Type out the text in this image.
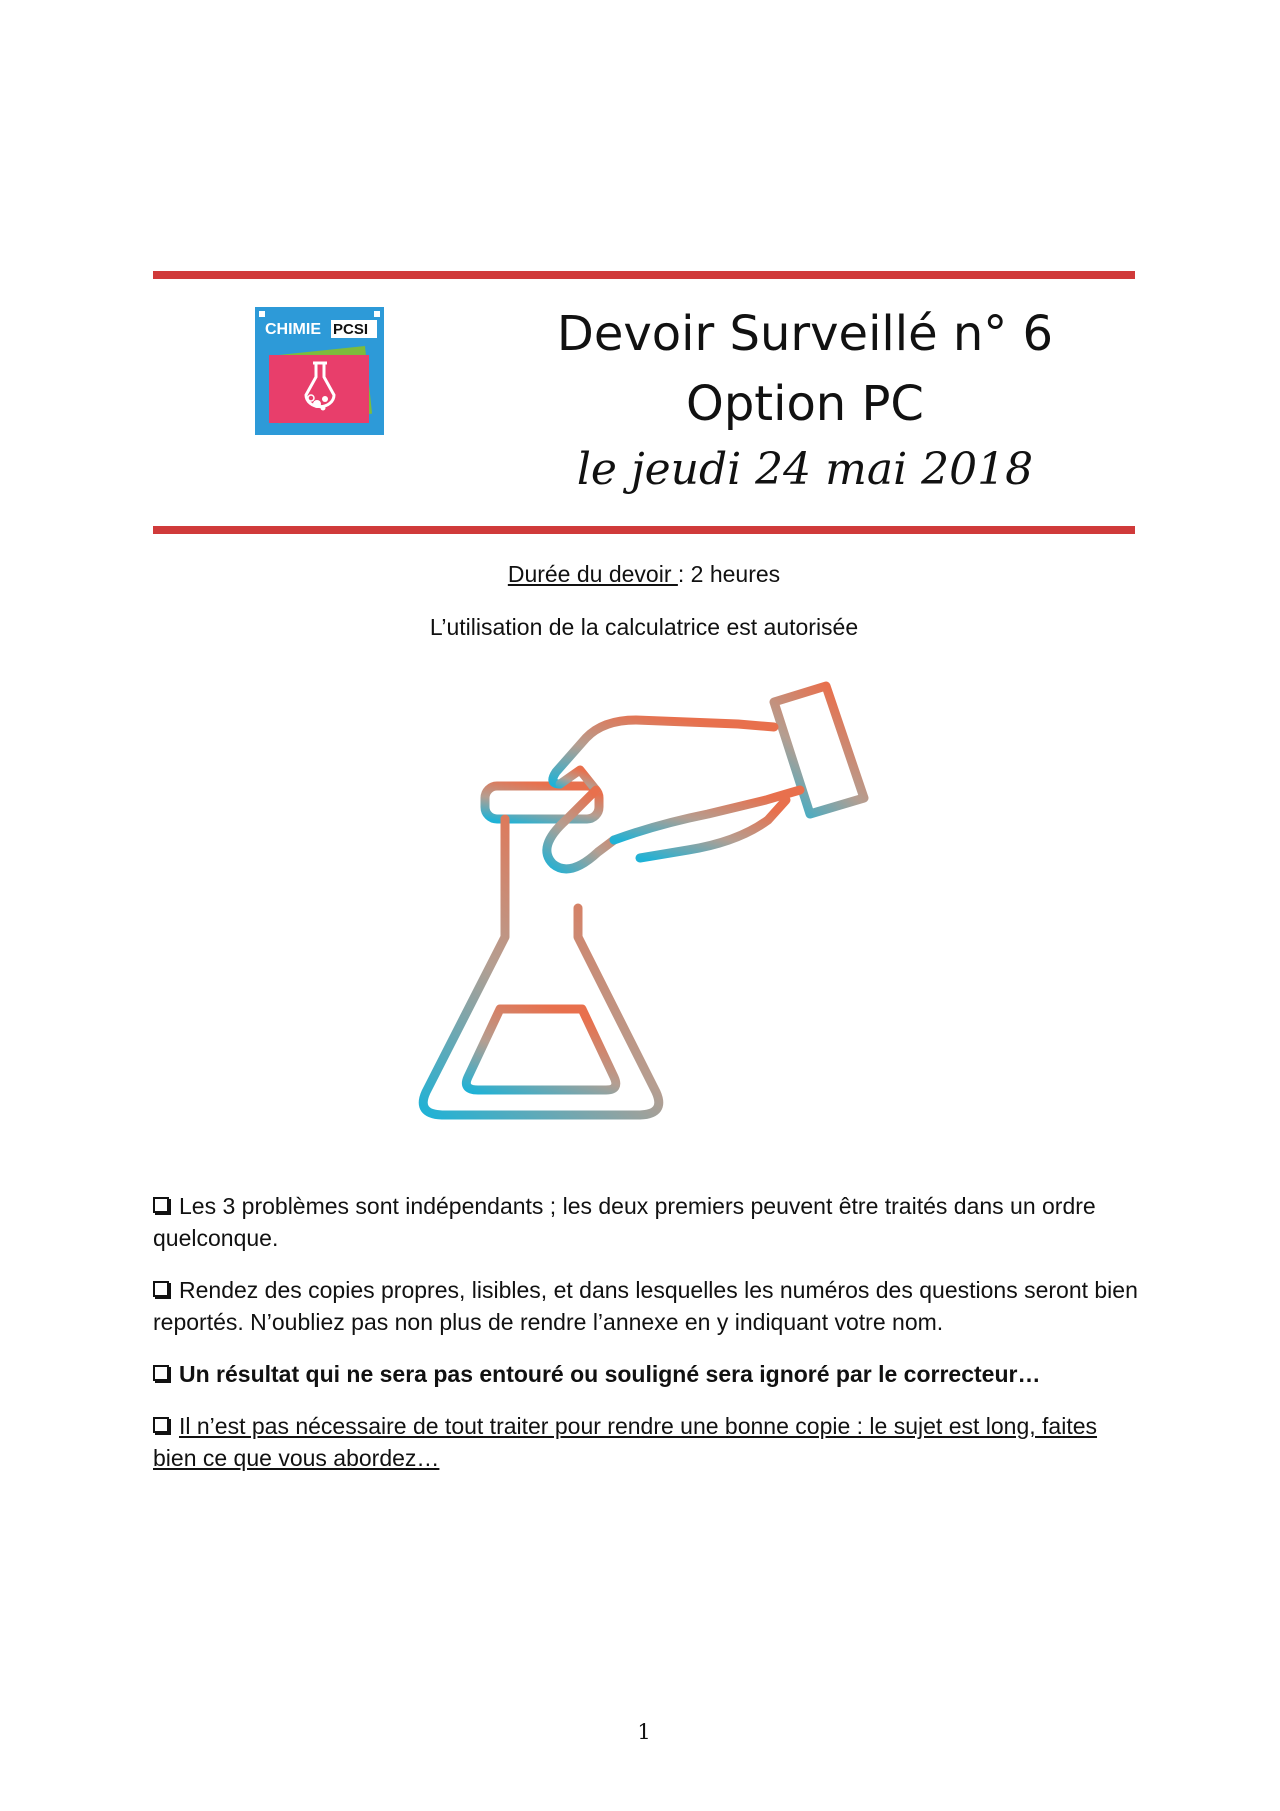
CHIMIE PCSI	Devoir Surveillé n° 6
Option PC
le jeudi 24 mai 2018
Durée du devoir : 2 heures
L’utilisation de la calculatrice est autorisée

Les 3 problèmes sont indépendants ; les deux premiers peuvent être traités dans un ordre quelconque.

Rendez des copies propres, lisibles, et dans lesquelles les numéros des questions seront bien reportés. N’oubliez pas non plus de rendre l’annexe en y indiquant votre nom.

Un résultat qui ne sera pas entouré ou souligné sera ignoré par le correcteur…

Il n’est pas nécessaire de tout traiter pour rendre une bonne copie : le sujet est long, faites bien ce que vous abordez…

1
